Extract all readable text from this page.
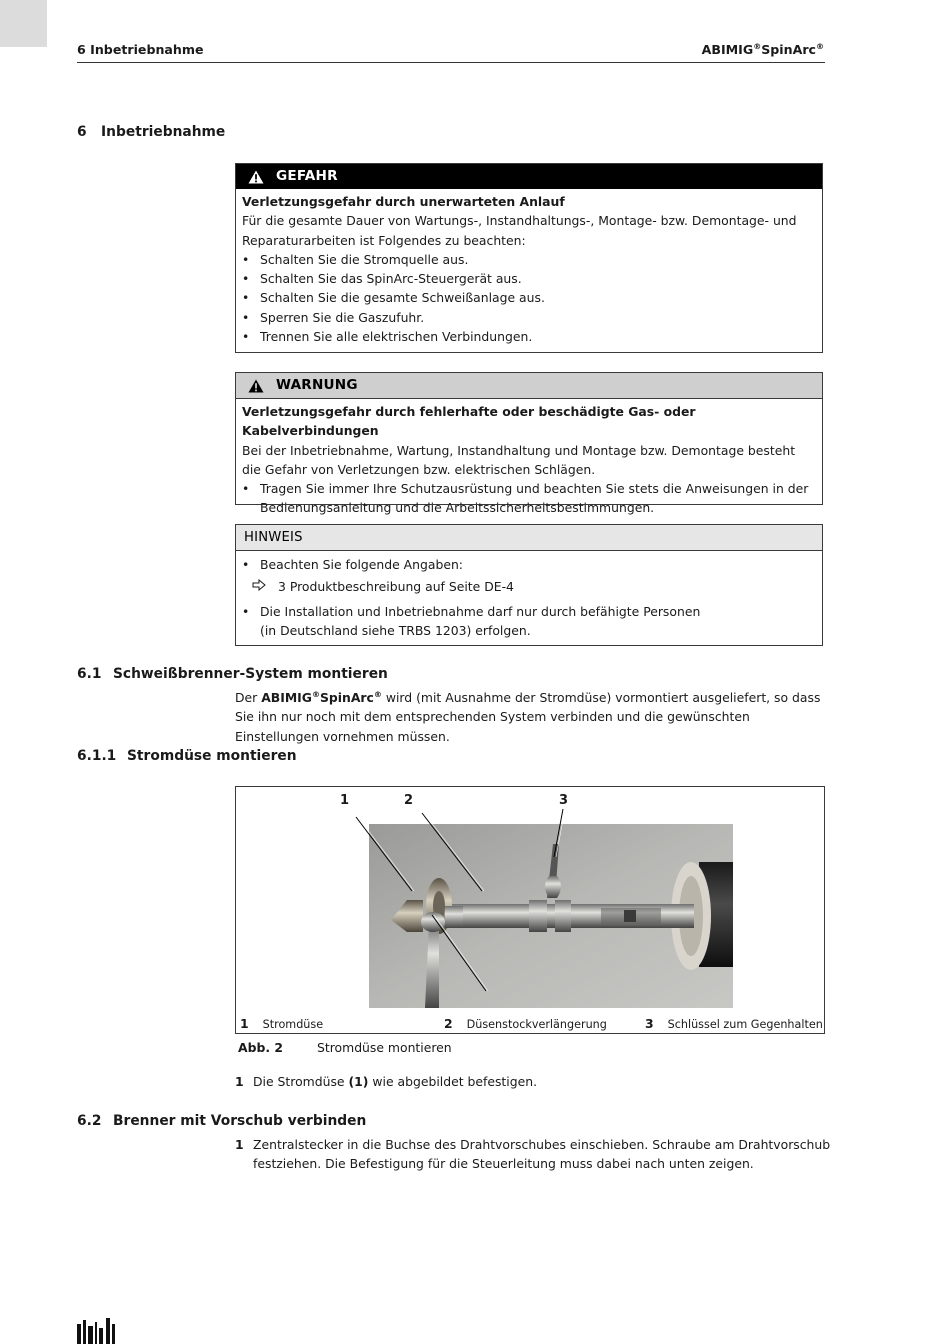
6 Inbetriebnahme	ABIMIG®SpinArc®
6 Inbetriebnahme
GEFAHR
Verletzungsgefahr durch unerwarteten Anlauf
Für die gesamte Dauer von Wartungs-, Instandhaltungs-, Montage- bzw. Demontage- und Reparaturarbeiten ist Folgendes zu beachten:
• Schalten Sie die Stromquelle aus.
• Schalten Sie das SpinArc-Steuergerät aus.
• Schalten Sie die gesamte Schweißanlage aus.
• Sperren Sie die Gaszufuhr.
• Trennen Sie alle elektrischen Verbindungen.
WARNUNG
Verletzungsgefahr durch fehlerhafte oder beschädigte Gas- oder Kabelverbindungen
Bei der Inbetriebnahme, Wartung, Instandhaltung und Montage bzw. Demontage besteht die Gefahr von Verletzungen bzw. elektrischen Schlägen.
• Tragen Sie immer Ihre Schutzausrüstung und beachten Sie stets die Anweisungen in der Bedienungsanleitung und die Arbeitssicherheitsbestimmungen.
HINWEIS
• Beachten Sie folgende Angaben:
3 Produktbeschreibung auf Seite DE-4
• Die Installation und Inbetriebnahme darf nur durch befähigte Personen
(in Deutschland siehe TRBS 1203) erfolgen.
6.1 Schweißbrenner-System montieren
Der ABIMIG®SpinArc® wird (mit Ausnahme der Stromdüse) vormontiert ausgeliefert, so dass Sie ihn nur noch mit dem entsprechenden System verbinden und die gewünschten Einstellungen vornehmen müssen.
6.1.1 Stromdüse montieren
1	2	3
1 Stromdüse	2 Düsenstockverlängerung	3 Schlüssel zum Gegenhalten
Abb. 2	Stromdüse montieren
1 Die Stromdüse (1) wie abgebildet befestigen.
6.2 Brenner mit Vorschub verbinden
1 Zentralstecker in die Buchse des Drahtvorschubes einschieben. Schraube am Drahtvorschub festziehen. Die Befestigung für die Steuerleitung muss dabei nach unten zeigen.
